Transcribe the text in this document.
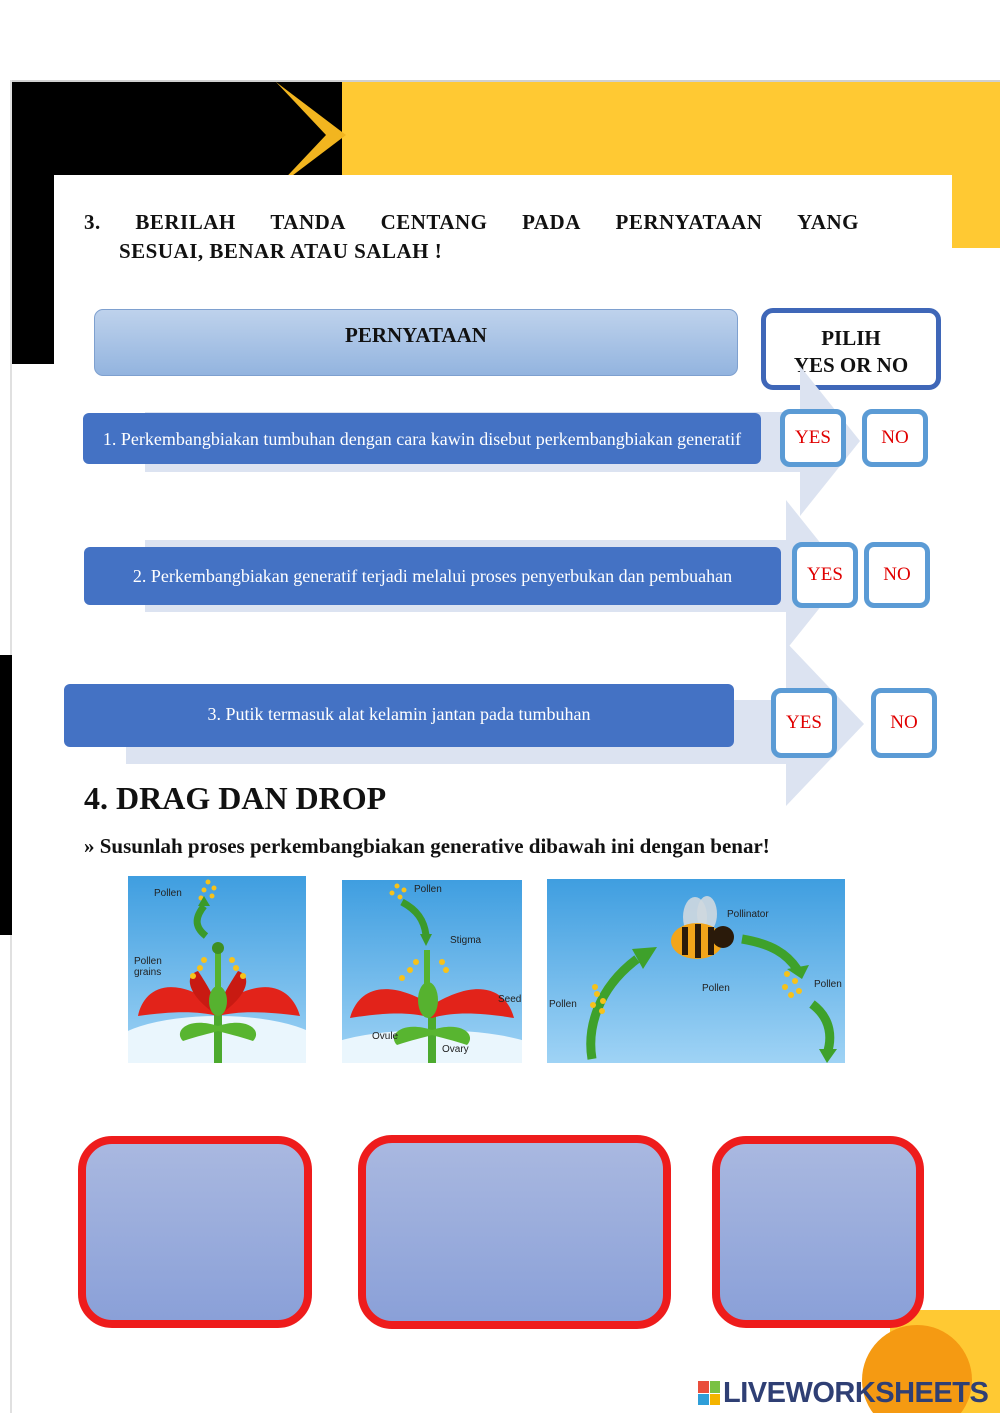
3. BERILAH TANDA CENTANG PADA PERNYATAAN YANG
SESUAI, BENAR ATAU SALAH !
PERNYATAAN	PILIH
YES OR NO
1. Perkembangbiakan tumbuhan dengan cara kawin disebut perkembangbiakan generatif	YES	NO
2. Perkembangbiakan generatif terjadi melalui proses penyerbukan dan pembuahan	YES	NO
3. Putik termasuk alat kelamin jantan pada tumbuhan	YES	NO
4. DRAG DAN DROP
» Susunlah proses perkembangbiakan generative dibawah ini dengan benar!
Pollen
Pollen
grains
Pollen
Stigma
Seed
Ovule
Ovary
Pollinator
Pollen
Pollen
Pollen
LIVEWORKSHEETS
